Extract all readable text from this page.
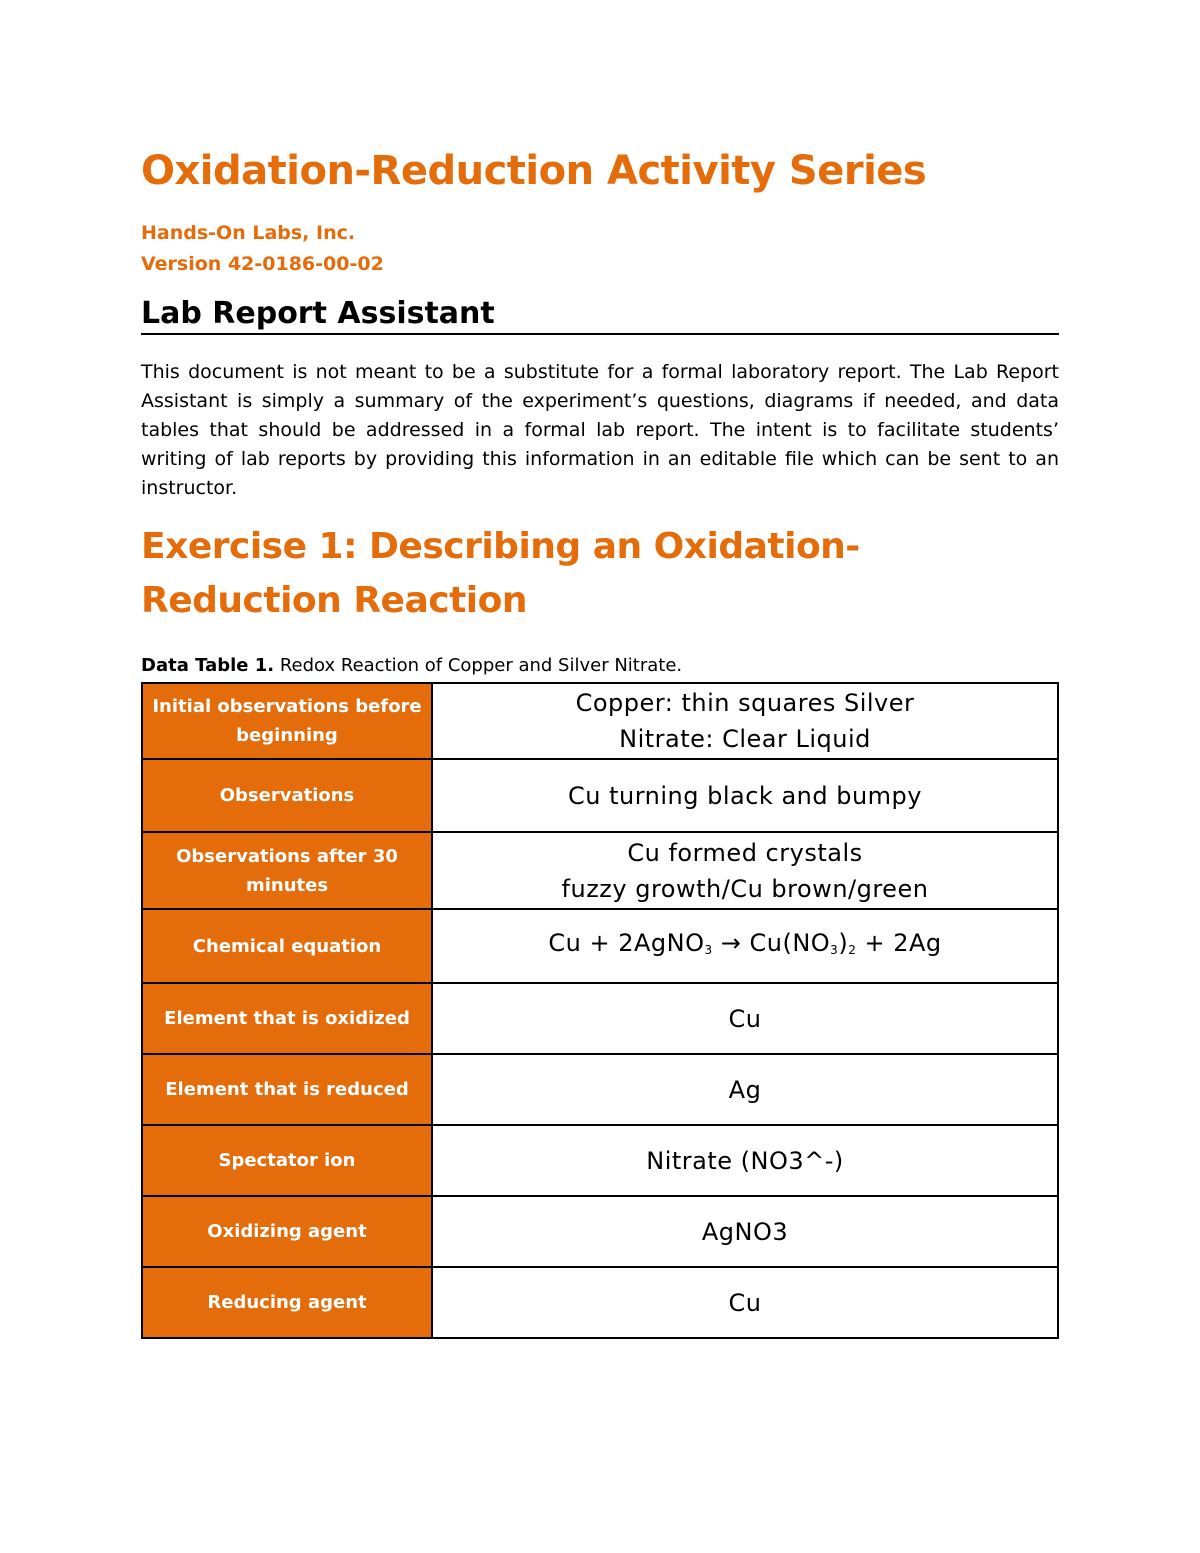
Oxidation-Reduction Activity Series
Hands-On Labs, Inc.
Version 42-0186-00-02
Lab Report Assistant
This document is not meant to be a substitute for a formal laboratory report. The Lab Report Assistant is simply a summary of the experiment’s questions, diagrams if needed, and data tables that should be addressed in a formal lab report. The intent is to facilitate students’ writing of lab reports by providing this information in an editable file which can be sent to an instructor.
Exercise 1: Describing an Oxidation-Reduction Reaction
Data Table 1. Redox Reaction of Copper and Silver Nitrate.
Initial observations before beginning	Copper: thin squares Silver
Nitrate: Clear Liquid

Observations	Cu turning black and bumpy
Observations after 30 minutes	Cu formed crystals
fuzzy growth/Cu brown/green

Chemical equation	Cu + 2AgNO$_3$ → $Cu(NO_3)_2 + 2Ag$
Element that is oxidized	Cu
Element that is reduced	Ag
Spectator ion	Nitrate (NO3^-)
Oxidizing agent	AgNO3
Reducing agent	Cu
